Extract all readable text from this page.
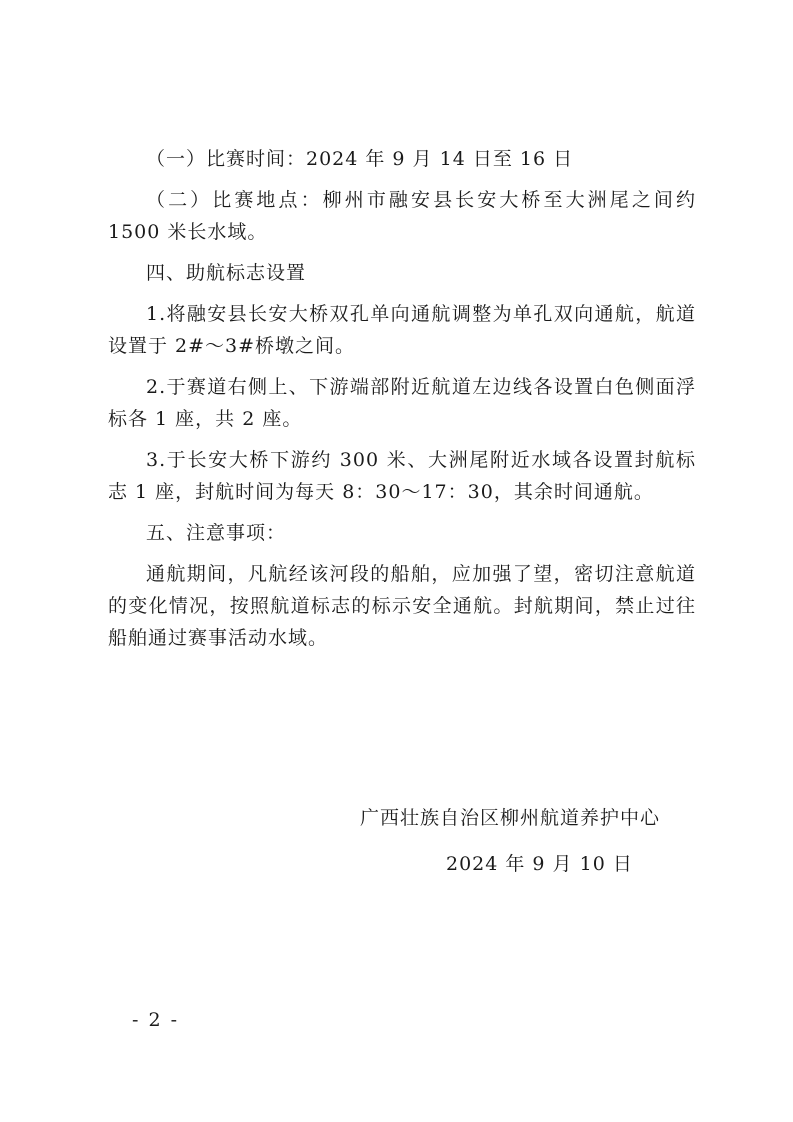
（一）比赛时间：2024 年 9 月 14 日至 16 日

（二）比赛地点：柳州市融安县长安大桥至大洲尾之间约 1500 米长水域。

四、助航标志设置

1.将融安县长安大桥双孔单向通航调整为单孔双向通航，航道设置于 2#～3#桥墩之间。

2.于赛道右侧上、下游端部附近航道左边线各设置白色侧面浮标各 1 座，共 2 座。

3.于长安大桥下游约 300 米、大洲尾附近水域各设置封航标志 1 座，封航时间为每天 8：30～17：30，其余时间通航。

五、注意事项：

通航期间，凡航经该河段的船舶，应加强了望，密切注意航道的变化情况，按照航道标志的标示安全通航。封航期间，禁止过往船舶通过赛事活动水域。

广西壮族自治区柳州航道养护中心
2024 年 9 月 10 日
- 2 -
